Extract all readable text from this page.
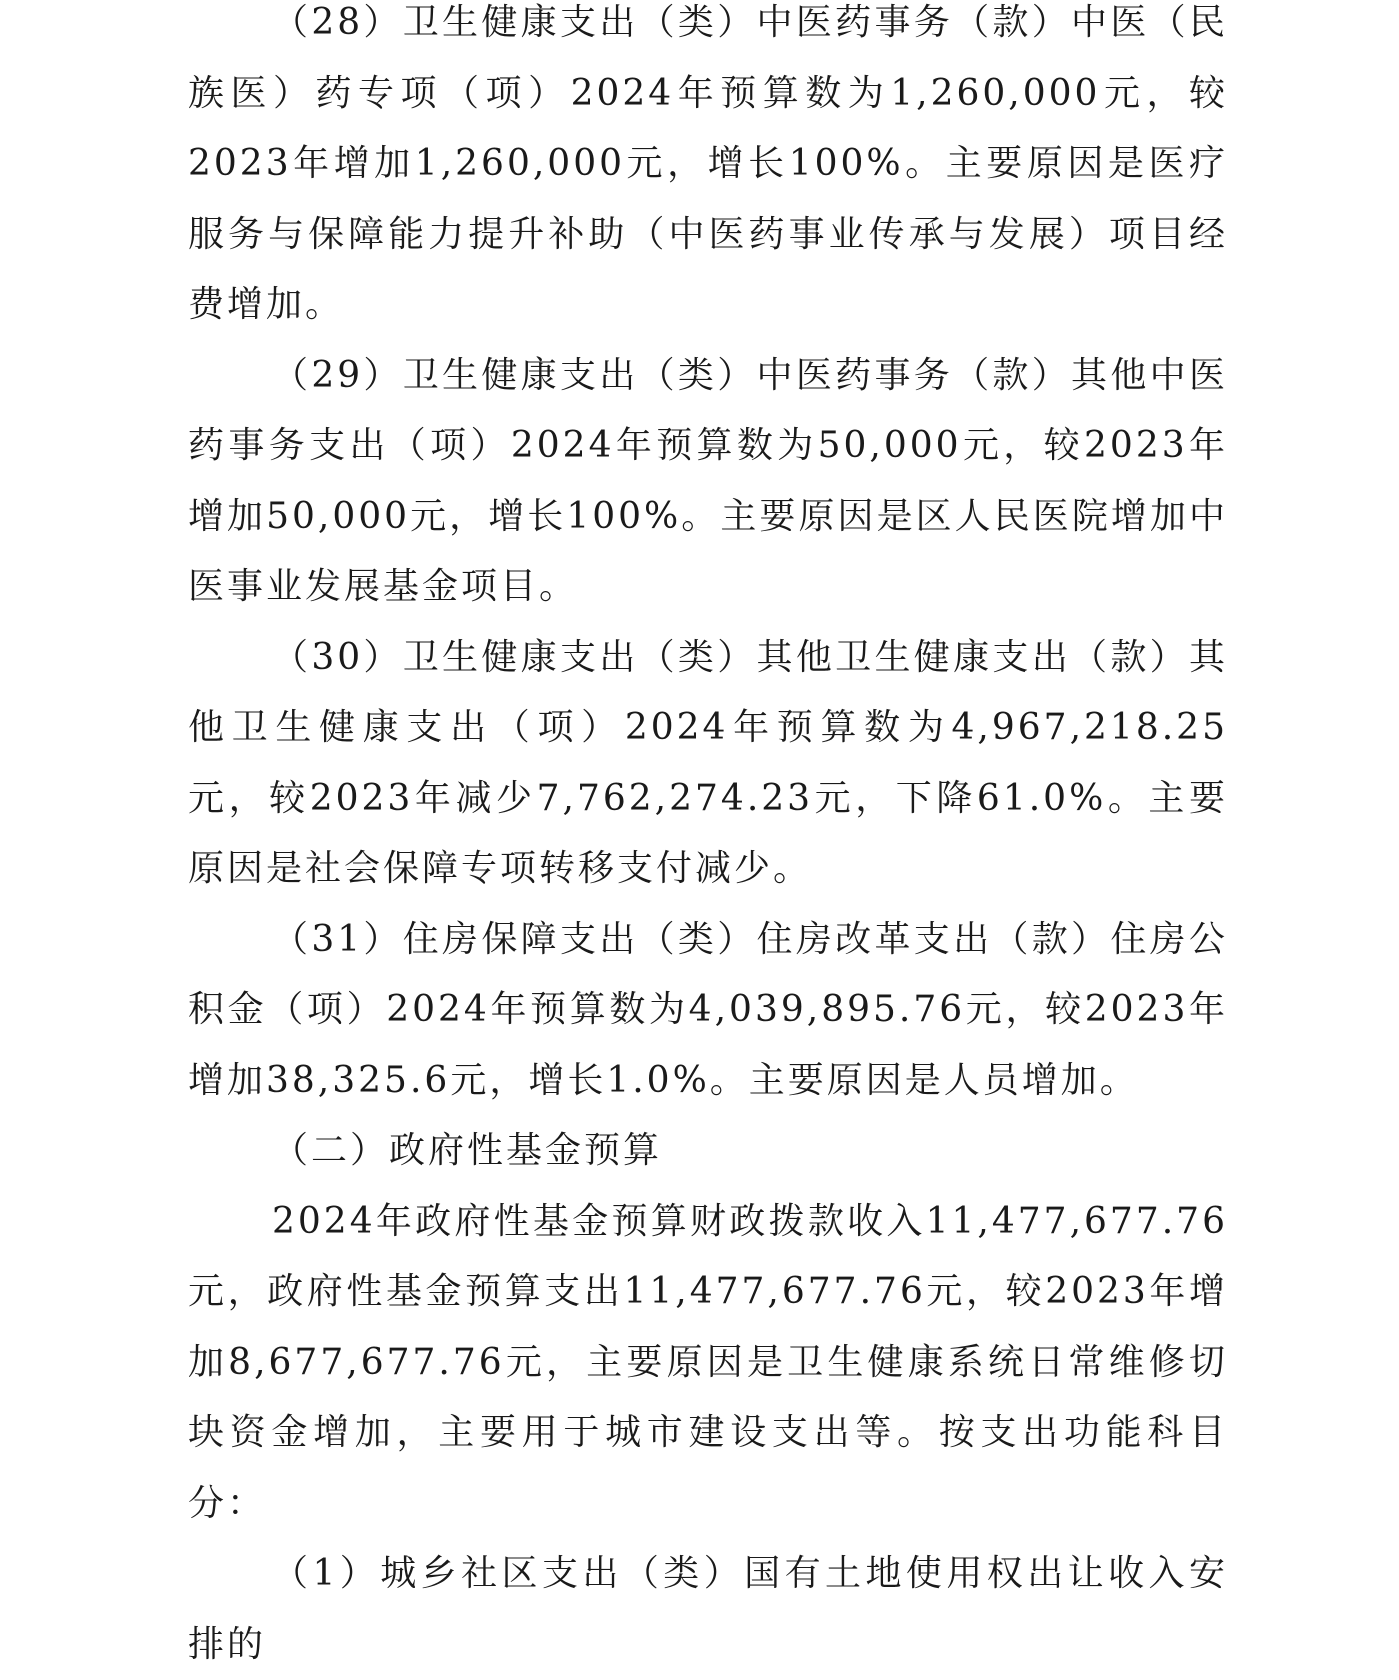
（28）卫生健康支出（类）中医药事务（款）中医（民族医）药专项（项）2024年预算数为1,260,000元，较2023年增加1,260,000元，增长100%。主要原因是医疗服务与保障能力提升补助（中医药事业传承与发展）项目经费增加。

（29）卫生健康支出（类）中医药事务（款）其他中医药事务支出（项）2024年预算数为50,000元，较2023年增加50,000元，增长100%。主要原因是区人民医院增加中医事业发展基金项目。

（30）卫生健康支出（类）其他卫生健康支出（款）其他卫生健康支出（项）2024年预算数为4,967,218.25元，较2023年减少7,762,274.23元，下降61.0%。主要原因是社会保障专项转移支付减少。

（31）住房保障支出（类）住房改革支出（款）住房公积金（项）2024年预算数为4,039,895.76元，较2023年增加38,325.6元，增长1.0%。主要原因是人员增加。

（二）政府性基金预算

2024年政府性基金预算财政拨款收入11,477,677.76元，政府性基金预算支出11,477,677.76元，较2023年增加8,677,677.76元，主要原因是卫生健康系统日常维修切块资金增加，主要用于城市建设支出等。按支出功能科目分：

（1）城乡社区支出（类）国有土地使用权出让收入安排的
